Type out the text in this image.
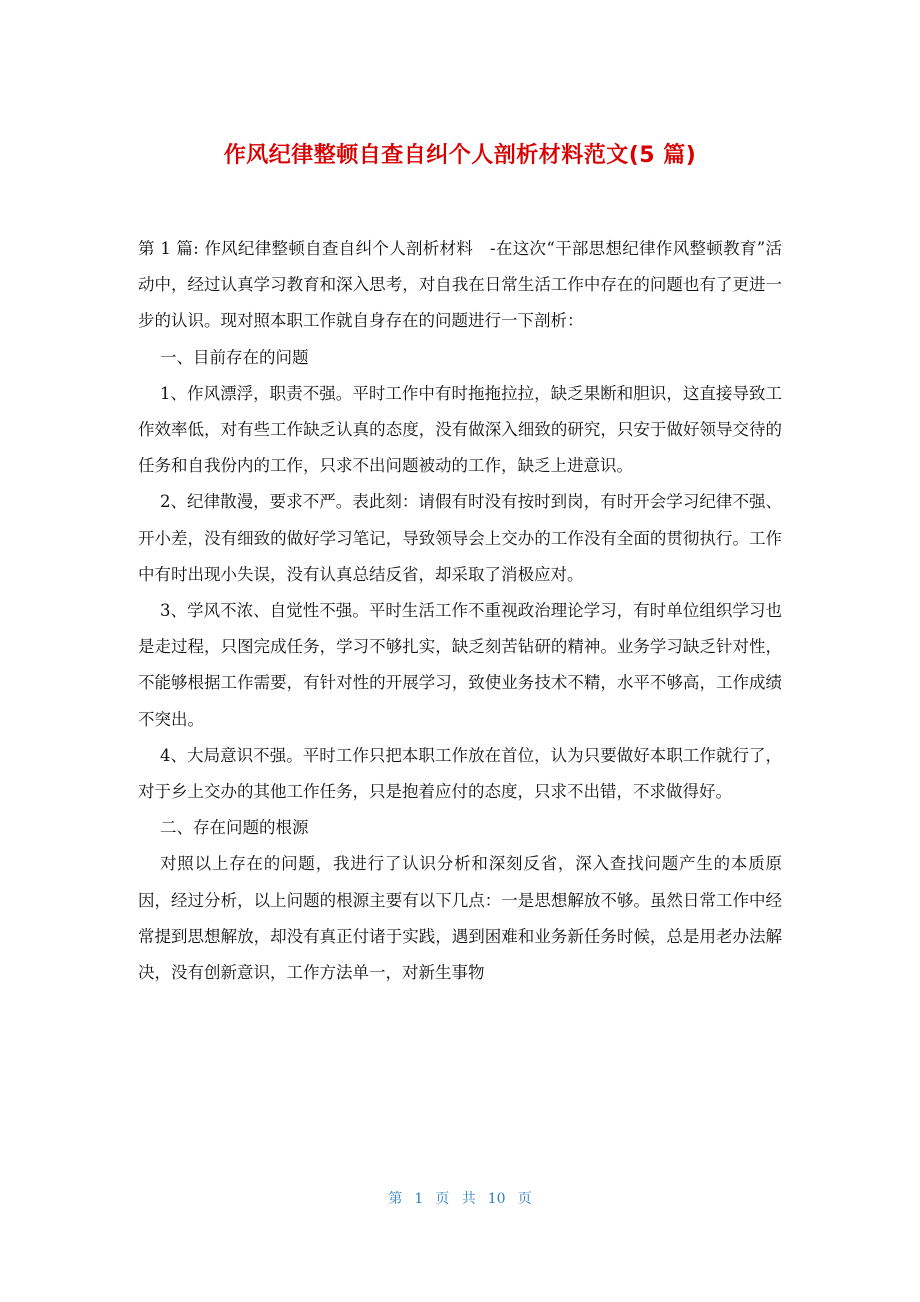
作风纪律整顿自查自纠个人剖析材料范文(5 篇)

第 1 篇: 作风纪律整顿自查自纠个人剖析材料　-在这次“干部思想纪律作风整顿教育”活动中，经过认真学习教育和深入思考，对自我在日常生活工作中存在的问题也有了更进一步的认识。现对照本职工作就自身存在的问题进行一下剖析：

一、目前存在的问题

1、作风漂浮，职责不强。平时工作中有时拖拖拉拉，缺乏果断和胆识，这直接导致工作效率低，对有些工作缺乏认真的态度，没有做深入细致的研究，只安于做好领导交待的任务和自我份内的工作，只求不出问题被动的工作，缺乏上进意识。

2、纪律散漫，要求不严。表此刻：请假有时没有按时到岗，有时开会学习纪律不强、开小差，没有细致的做好学习笔记，导致领导会上交办的工作没有全面的贯彻执行。工作中有时出现小失误，没有认真总结反省，却采取了消极应对。

3、学风不浓、自觉性不强。平时生活工作不重视政治理论学习，有时单位组织学习也是走过程，只图完成任务，学习不够扎实，缺乏刻苦钻研的精神。业务学习缺乏针对性，不能够根据工作需要，有针对性的开展学习，致使业务技术不精，水平不够高，工作成绩不突出。

4、大局意识不强。平时工作只把本职工作放在首位，认为只要做好本职工作就行了，对于乡上交办的其他工作任务，只是抱着应付的态度，只求不出错，不求做得好。

二、存在问题的根源

对照以上存在的问题，我进行了认识分析和深刻反省，深入查找问题产生的本质原因，经过分析，以上问题的根源主要有以下几点：一是思想解放不够。虽然日常工作中经常提到思想解放，却没有真正付诸于实践，遇到困难和业务新任务时候，总是用老办法解决，没有创新意识，工作方法单一，对新生事物

第 1 页 共 10 页
